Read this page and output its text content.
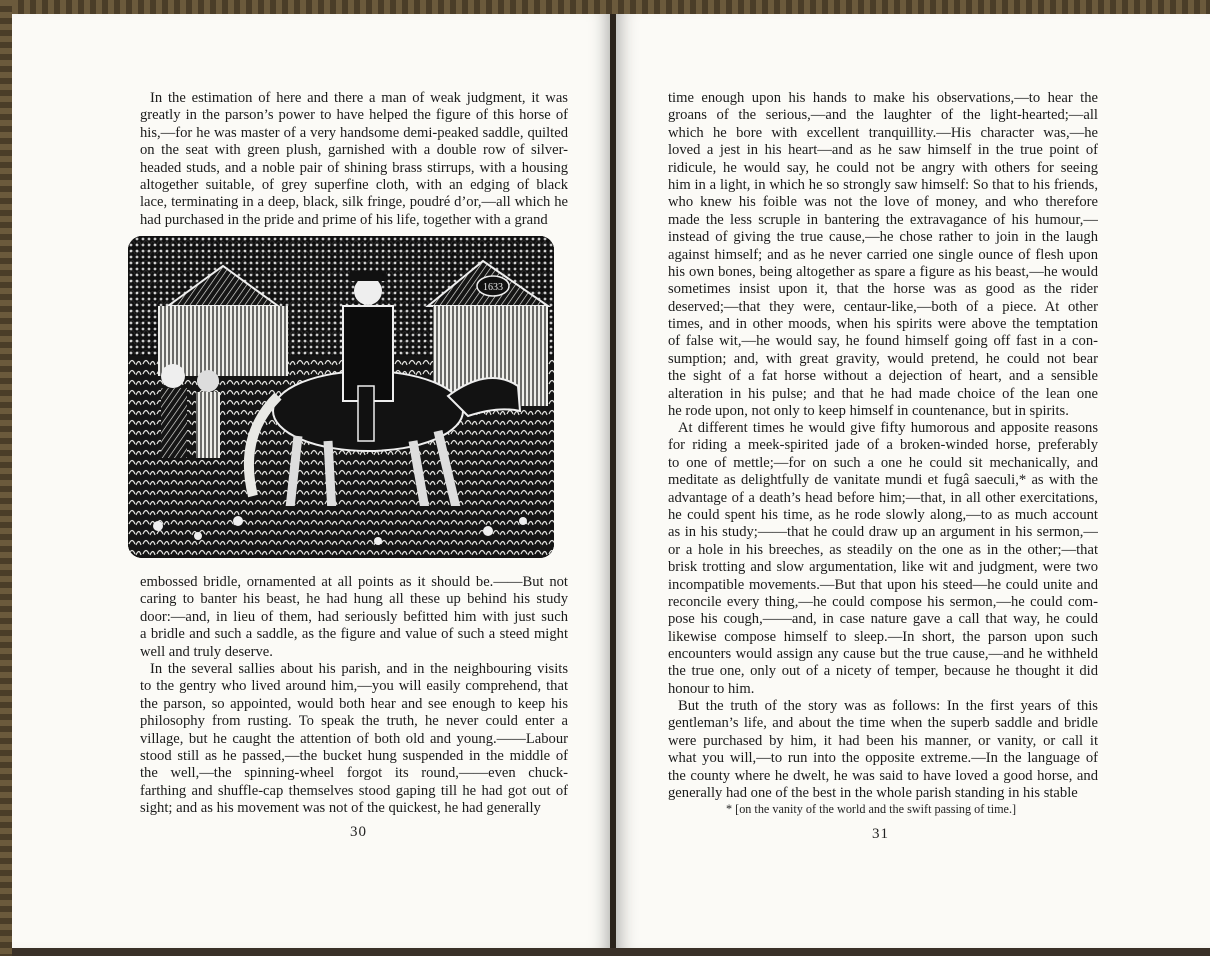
In the estimation of here and there a man of weak judgment, it was
greatly in the parson’s power to have helped the figure of this horse of
his,—for he was master of a very handsome demi-peaked saddle, quilted
on the seat with green plush, garnished with a double row of silver-
headed studs, and a noble pair of shining brass stirrups, with a housing
altogether suitable, of grey superfine cloth, with an edging of black
lace, terminating in a deep, black, silk fringe, poudré d’or,—all which he
had purchased in the pride and prime of his life, together with a grand
1633
embossed bridle, ornamented at all points as it should be.——But not
caring to banter his beast, he had hung all these up behind his study
door:—and, in lieu of them, had seriously befitted him with just such
a bridle and such a saddle, as the figure and value of such a steed might
well and truly deserve.
In the several sallies about his parish, and in the neighbouring visits
to the gentry who lived around him,—you will easily comprehend, that
the parson, so appointed, would both hear and see enough to keep his
philosophy from rusting. To speak the truth, he never could enter a
village, but he caught the attention of both old and young.——Labour
stood still as he passed,—the bucket hung suspended in the middle of
the well,—the spinning-wheel forgot its round,——even chuck-
farthing and shuffle-cap themselves stood gaping till he had got out of
sight; and as his movement was not of the quickest, he had generally
30
time enough upon his hands to make his observations,—to hear the
groans of the serious,—and the laughter of the light-hearted;—all
which he bore with excellent tranquillity.—His character was,—he
loved a jest in his heart—and as he saw himself in the true point of
ridicule, he would say, he could not be angry with others for seeing
him in a light, in which he so strongly saw himself: So that to his friends,
who knew his foible was not the love of money, and who therefore
made the less scruple in bantering the extravagance of his humour,—
instead of giving the true cause,—he chose rather to join in the laugh
against himself; and as he never carried one single ounce of flesh upon
his own bones, being altogether as spare a figure as his beast,—he would
sometimes insist upon it, that the horse was as good as the rider
deserved;—that they were, centaur-like,—both of a piece. At other
times, and in other moods, when his spirits were above the temptation
of false wit,—he would say, he found himself going off fast in a con-
sumption; and, with great gravity, would pretend, he could not bear
the sight of a fat horse without a dejection of heart, and a sensible
alteration in his pulse; and that he had made choice of the lean one
he rode upon, not only to keep himself in countenance, but in spirits.
At different times he would give fifty humorous and apposite reasons
for riding a meek-spirited jade of a broken-winded horse, preferably
to one of mettle;—for on such a one he could sit mechanically, and
meditate as delightfully de vanitate mundi et fugâ saeculi,* as with the
advantage of a death’s head before him;—that, in all other exercitations,
he could spent his time, as he rode slowly along,—to as much account
as in his study;——that he could draw up an argument in his sermon,—
or a hole in his breeches, as steadily on the one as in the other;—that
brisk trotting and slow argumentation, like wit and judgment, were two
incompatible movements.—But that upon his steed—he could unite and
reconcile every thing,—he could compose his sermon,—he could com-
pose his cough,——and, in case nature gave a call that way, he could
likewise compose himself to sleep.—In short, the parson upon such
encounters would assign any cause but the true cause,—and he withheld
the true one, only out of a nicety of temper, because he thought it did
honour to him.
But the truth of the story was as follows: In the first years of this
gentleman’s life, and about the time when the superb saddle and bridle
were purchased by him, it had been his manner, or vanity, or call it
what you will,—to run into the opposite extreme.—In the language of
the county where he dwelt, he was said to have loved a good horse, and
generally had one of the best in the whole parish standing in his stable
* [on the vanity of the world and the swift passing of time.]
31
